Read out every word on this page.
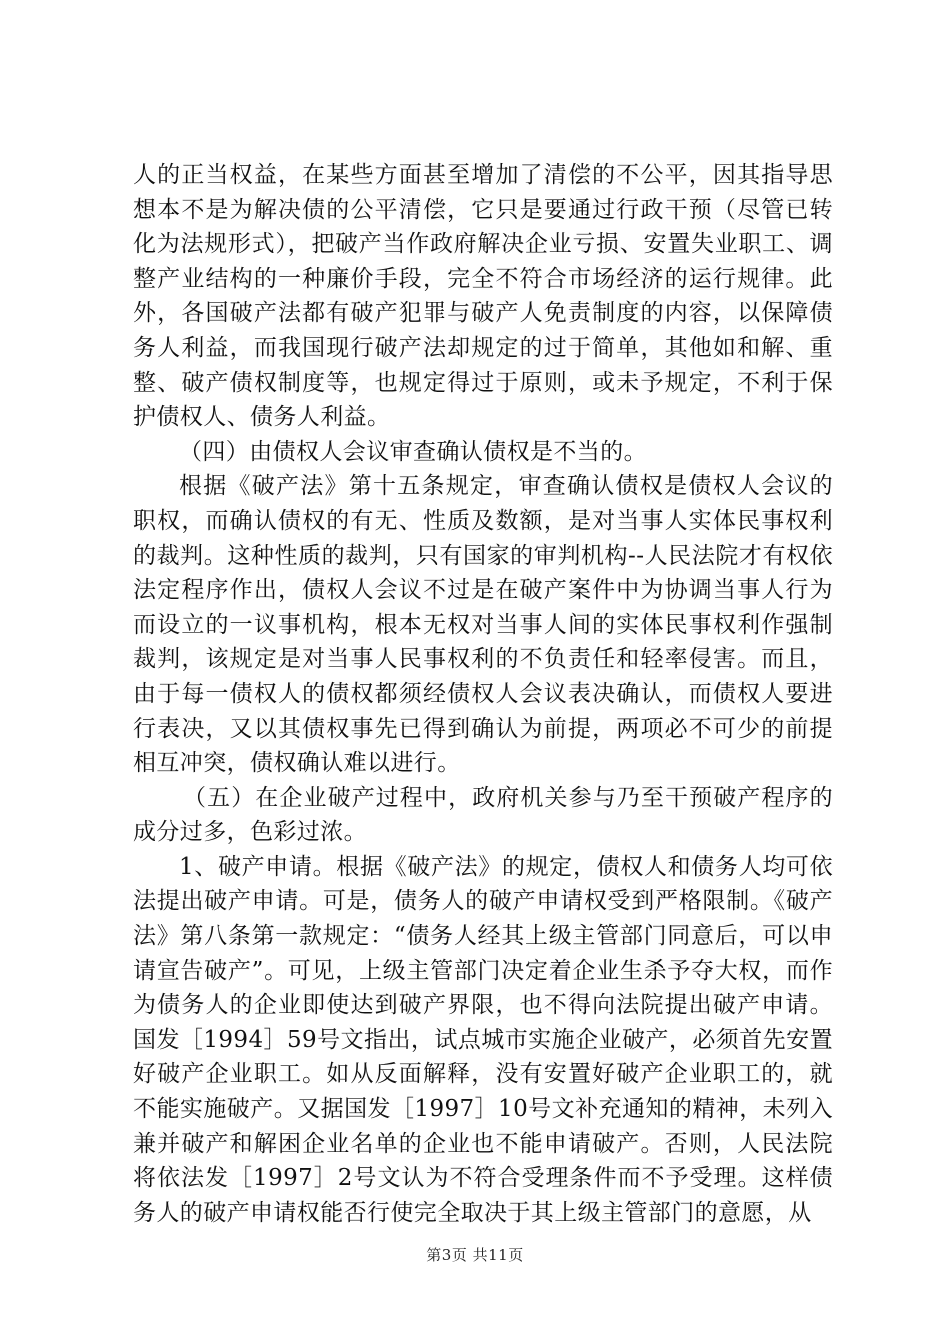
人的正当权益，在某些方面甚至增加了清偿的不公平，因其指导思想本不是为解决债的公平清偿，它只是要通过行政干预（尽管已转化为法规形式），把破产当作政府解决企业亏损、安置失业职工、调整产业结构的一种廉价手段，完全不符合市场经济的运行规律。此外，各国破产法都有破产犯罪与破产人免责制度的内容，以保障债务人利益，而我国现行破产法却规定的过于简单，其他如和解、重整、破产债权制度等，也规定得过于原则，或未予规定，不利于保护债权人、债务人利益。

（四）由债权人会议审查确认债权是不当的。

根据《破产法》第十五条规定，审查确认债权是债权人会议的职权，而确认债权的有无、性质及数额，是对当事人实体民事权利的裁判。这种性质的裁判，只有国家的审判机构--人民法院才有权依法定程序作出，债权人会议不过是在破产案件中为协调当事人行为而设立的一议事机构，根本无权对当事人间的实体民事权利作强制裁判，该规定是对当事人民事权利的不负责任和轻率侵害。而且，由于每一债权人的债权都须经债权人会议表决确认，而债权人要进行表决，又以其债权事先已得到确认为前提，两项必不可少的前提相互冲突，债权确认难以进行。

（五）在企业破产过程中，政府机关参与乃至干预破产程序的成分过多，色彩过浓。

1、破产申请。根据《破产法》的规定，债权人和债务人均可依法提出破产申请。可是，债务人的破产申请权受到严格限制。《破产法》第八条第一款规定：“债务人经其上级主管部门同意后，可以申请宣告破产”。可见，上级主管部门决定着企业生杀予夺大权，而作为债务人的企业即使达到破产界限，也不得向法院提出破产申请。国发［1994］59号文指出，试点城市实施企业破产，必须首先安置好破产企业职工。如从反面解释，没有安置好破产企业职工的，就不能实施破产。又据国发［1997］10号文补充通知的精神，未列入兼并破产和解困企业名单的企业也不能申请破产。否则，人民法院将依法发［1997］2号文认为不符合受理条件而不予受理。这样债务人的破产申请权能否行使完全取决于其上级主管部门的意愿，从

第3页 共11页
